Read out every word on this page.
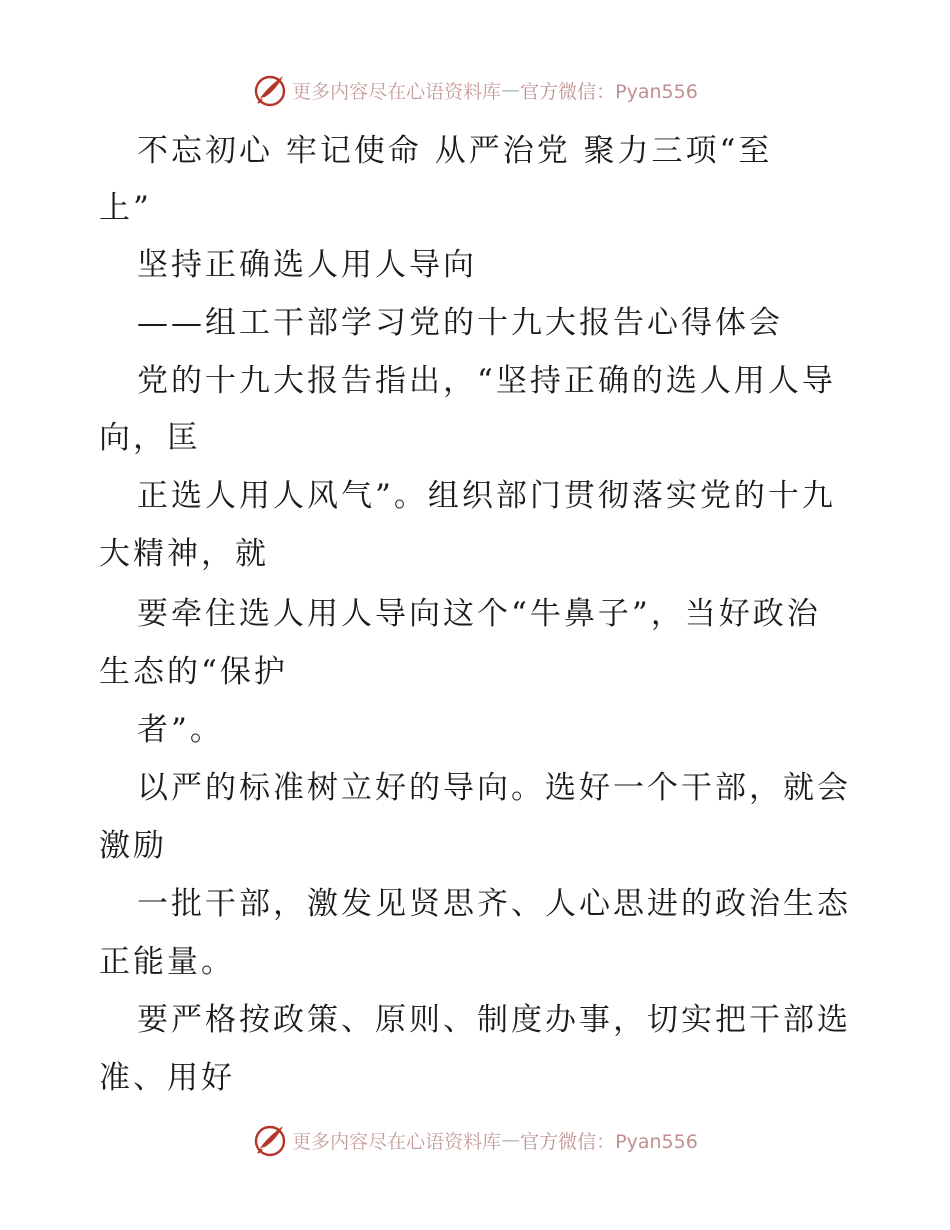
更多内容尽在心语资料库 — 官方微信：Pyan556
不忘初心 牢记使命 从严治党 聚力三项“至
上”
坚持正确选人用人导向
——组工干部学习党的十九大报告心得体会
党的十九大报告指出，“坚持正确的选人用人导
向，匡
正选人用人风气”。组织部门贯彻落实党的十九
大精神，就
要牵住选人用人导向这个“牛鼻子”，当好政治
生态的“保护
者”。
以严的标准树立好的导向。选好一个干部，就会
激励
一批干部，激发见贤思齐、人心思进的政治生态
正能量。
要严格按政策、原则、制度办事，切实把干部选
准、用好
更多内容尽在心语资料库 — 官方微信：Pyan556
